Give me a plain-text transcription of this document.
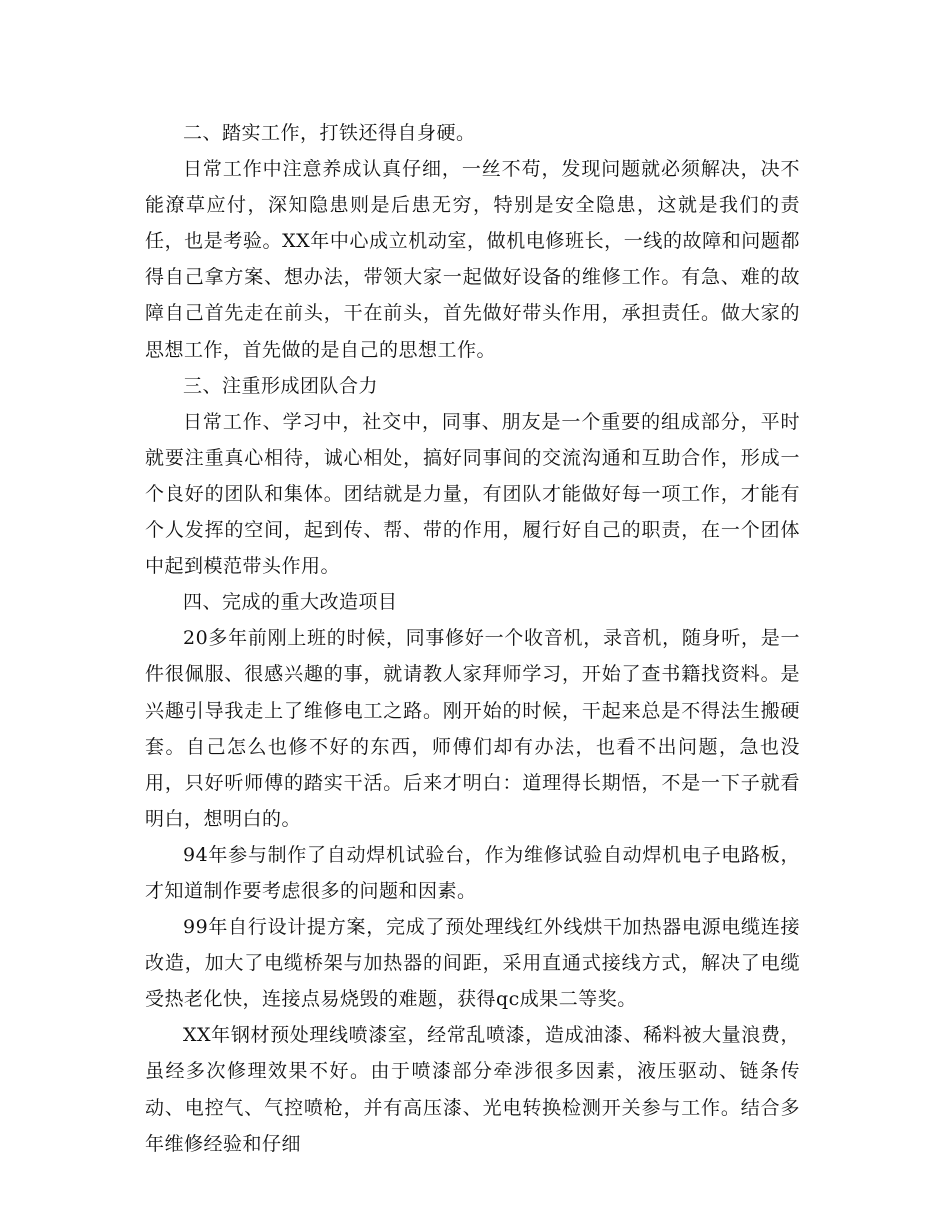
二、踏实工作，打铁还得自身硬。

日常工作中注意养成认真仔细，一丝不苟，发现问题就必须解决，决不能潦草应付，深知隐患则是后患无穷，特别是安全隐患，这就是我们的责任，也是考验。XX年中心成立机动室，做机电修班长，一线的故障和问题都得自己拿方案、想办法，带领大家一起做好设备的维修工作。有急、难的故障自己首先走在前头，干在前头，首先做好带头作用，承担责任。做大家的思想工作，首先做的是自己的思想工作。

三、注重形成团队合力

日常工作、学习中，社交中，同事、朋友是一个重要的组成部分，平时就要注重真心相待，诚心相处，搞好同事间的交流沟通和互助合作，形成一个良好的团队和集体。团结就是力量，有团队才能做好每一项工作，才能有个人发挥的空间，起到传、帮、带的作用，履行好自己的职责，在一个团体中起到模范带头作用。

四、完成的重大改造项目

20多年前刚上班的时候，同事修好一个收音机，录音机，随身听，是一件很佩服、很感兴趣的事，就请教人家拜师学习，开始了查书籍找资料。是兴趣引导我走上了维修电工之路。刚开始的时候，干起来总是不得法生搬硬套。自己怎么也修不好的东西，师傅们却有办法，也看不出问题，急也没用，只好听师傅的踏实干活。后来才明白：道理得长期悟，不是一下子就看明白，想明白的。

94年参与制作了自动焊机试验台，作为维修试验自动焊机电子电路板，才知道制作要考虑很多的问题和因素。

99年自行设计提方案，完成了预处理线红外线烘干加热器电源电缆连接改造，加大了电缆桥架与加热器的间距，采用直通式接线方式，解决了电缆受热老化快，连接点易烧毁的难题，获得qc成果二等奖。

XX年钢材预处理线喷漆室，经常乱喷漆，造成油漆、稀料被大量浪费，虽经多次修理效果不好。由于喷漆部分牵涉很多因素，液压驱动、链条传动、电控气、气控喷枪，并有高压漆、光电转换检测开关参与工作。结合多年维修经验和仔细
